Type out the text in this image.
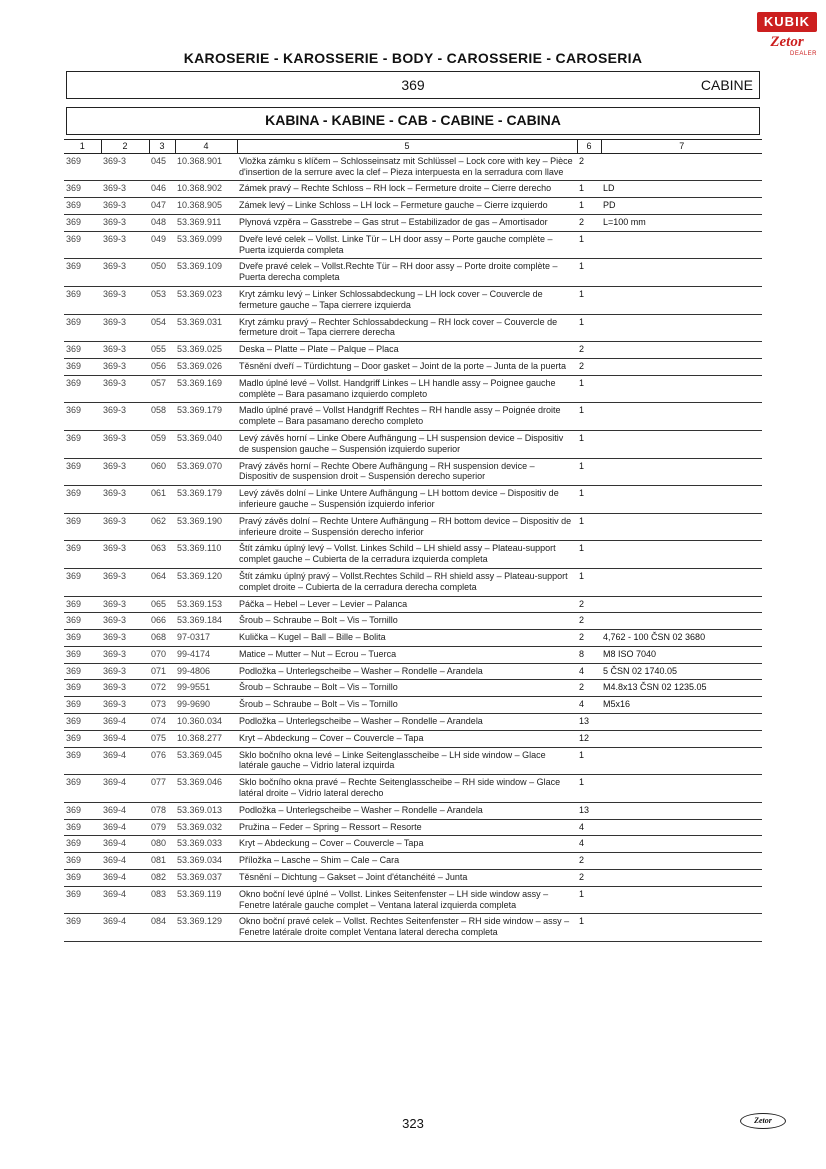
KUBIK
Zetor
DEALER
KAROSERIE - KAROSSERIE - BODY - CAROSSERIE - CAROSERIA
369	CABINE
KABINA - KABINE - CAB - CABINE - CABINA
1	2	3	4	5	6	7
369	369-3	045	10.368.901	Vložka zámku s klíčem – Schlosseinsatz mit Schlüssel – Lock core with key – Pièce d'insertion de la serrure avec la clef – Pieza interpuesta en la serradura com llave	2	
369	369-3	046	10.368.902	Zámek pravý – Rechte Schloss – RH lock – Fermeture droite – Cierre derecho	1	LD
369	369-3	047	10.368.905	Zámek levý – Linke Schloss – LH lock – Fermeture gauche – Cierre izquierdo	1	PD
369	369-3	048	53.369.911	Plynová vzpěra – Gasstrebe – Gas strut – Estabilizador de gas – Amortisador	2	L=100 mm
369	369-3	049	53.369.099	Dveře levé celek – Vollst. Linke Tür – LH door assy – Porte gauche complète – Puerta izquierda completa	1	
369	369-3	050	53.369.109	Dveře pravé celek – Vollst.Rechte Tür – RH door assy – Porte droite complète – Puerta derecha completa	1	
369	369-3	053	53.369.023	Kryt zámku levý – Linker Schlossabdeckung – LH lock cover – Couvercle de fermeture gauche – Tapa cierrere izquierda	1	
369	369-3	054	53.369.031	Kryt zámku pravý – Rechter Schlossabdeckung – RH lock cover – Couvercle de fermeture droit – Tapa cierrere derecha	1	
369	369-3	055	53.369.025	Deska – Platte – Plate – Palque – Placa	2	
369	369-3	056	53.369.026	Těsnění dveří – Türdichtung – Door gasket – Joint de la porte – Junta de la puerta	2	
369	369-3	057	53.369.169	Madlo úplné levé – Vollst. Handgriff Linkes – LH handle assy – Poignee gauche complète – Bara pasamano izquierdo completo	1	
369	369-3	058	53.369.179	Madlo úplné pravé – Vollst Handgriff Rechtes – RH handle assy – Poignée droite complete – Bara pasamano derecho completo	1	
369	369-3	059	53.369.040	Levý závěs horní – Linke Obere Aufhängung – LH suspension device – Dispositiv de suspension gauche – Suspensión izquierdo superior	1	
369	369-3	060	53.369.070	Pravý závěs horní – Rechte Obere Aufhängung – RH suspension device – Dispositiv de suspension droit – Suspensión derecho superior	1	
369	369-3	061	53.369.179	Levý závěs dolní – Linke Untere Aufhängung – LH bottom device – Dispositiv de inferieure gauche – Suspensión izquierdo inferior	1	
369	369-3	062	53.369.190	Pravý závěs dolní – Rechte Untere Aufhängung – RH bottom device – Dispositiv de inferieure droite – Suspensión derecho inferior	1	
369	369-3	063	53.369.110	Štít zámku úplný levý – Vollst. Linkes Schild – LH shield assy – Plateau-support complet gauche – Cubierta de la cerradura izquierda completa	1	
369	369-3	064	53.369.120	Štít zámku úplný pravý – Vollst.Rechtes Schild – RH shield assy – Plateau-support complet droite – Cubierta de la cerradura derecha completa	1	
369	369-3	065	53.369.153	Páčka – Hebel – Lever – Levier – Palanca	2	
369	369-3	066	53.369.184	Šroub – Schraube – Bolt – Vis – Tornillo	2	
369	369-3	068	97-0317	Kulička – Kugel – Ball – Bille – Bolita	2	4,762 - 100 ČSN 02 3680
369	369-3	070	99-4174	Matice – Mutter – Nut – Ecrou – Tuerca	8	M8 ISO 7040
369	369-3	071	99-4806	Podložka – Unterlegscheibe – Washer – Rondelle – Arandela	4	5 ČSN 02 1740.05
369	369-3	072	99-9551	Šroub – Schraube – Bolt – Vis – Tornillo	2	M4.8x13 ČSN 02 1235.05
369	369-3	073	99-9690	Šroub – Schraube – Bolt – Vis – Tornillo	4	M5x16
369	369-4	074	10.360.034	Podložka – Unterlegscheibe – Washer – Rondelle – Arandela	13	
369	369-4	075	10.368.277	Kryt – Abdeckung – Cover – Couvercle – Tapa	12	
369	369-4	076	53.369.045	Sklo bočního okna levé – Linke Seitenglasscheibe – LH side window – Glace latérale gauche – Vidrio lateral izquirda	1	
369	369-4	077	53.369.046	Sklo bočního okna pravé – Rechte Seitenglasscheibe – RH side window – Glace latéral droite – Vidrio lateral derecho	1	
369	369-4	078	53.369.013	Podložka – Unterlegscheibe – Washer – Rondelle – Arandela	13	
369	369-4	079	53.369.032	Pružina – Feder – Spring – Ressort – Resorte	4	
369	369-4	080	53.369.033	Kryt – Abdeckung – Cover – Couvercle – Tapa	4	
369	369-4	081	53.369.034	Příložka – Lasche – Shim – Cale – Cara	2	
369	369-4	082	53.369.037	Těsnění – Dichtung – Gakset – Joint d'étanchéité – Junta	2	
369	369-4	083	53.369.119	Okno boční levé úplné – Vollst. Linkes Seitenfenster – LH side window assy – Fenetre latérale gauche complet – Ventana lateral izquierda completa	1	
369	369-4	084	53.369.129	Okno boční pravé celek – Vollst. Rechtes Seitenfenster – RH side window – assy – Fenetre latérale droite complet Ventana lateral derecha completa	1	
323	Zetor
